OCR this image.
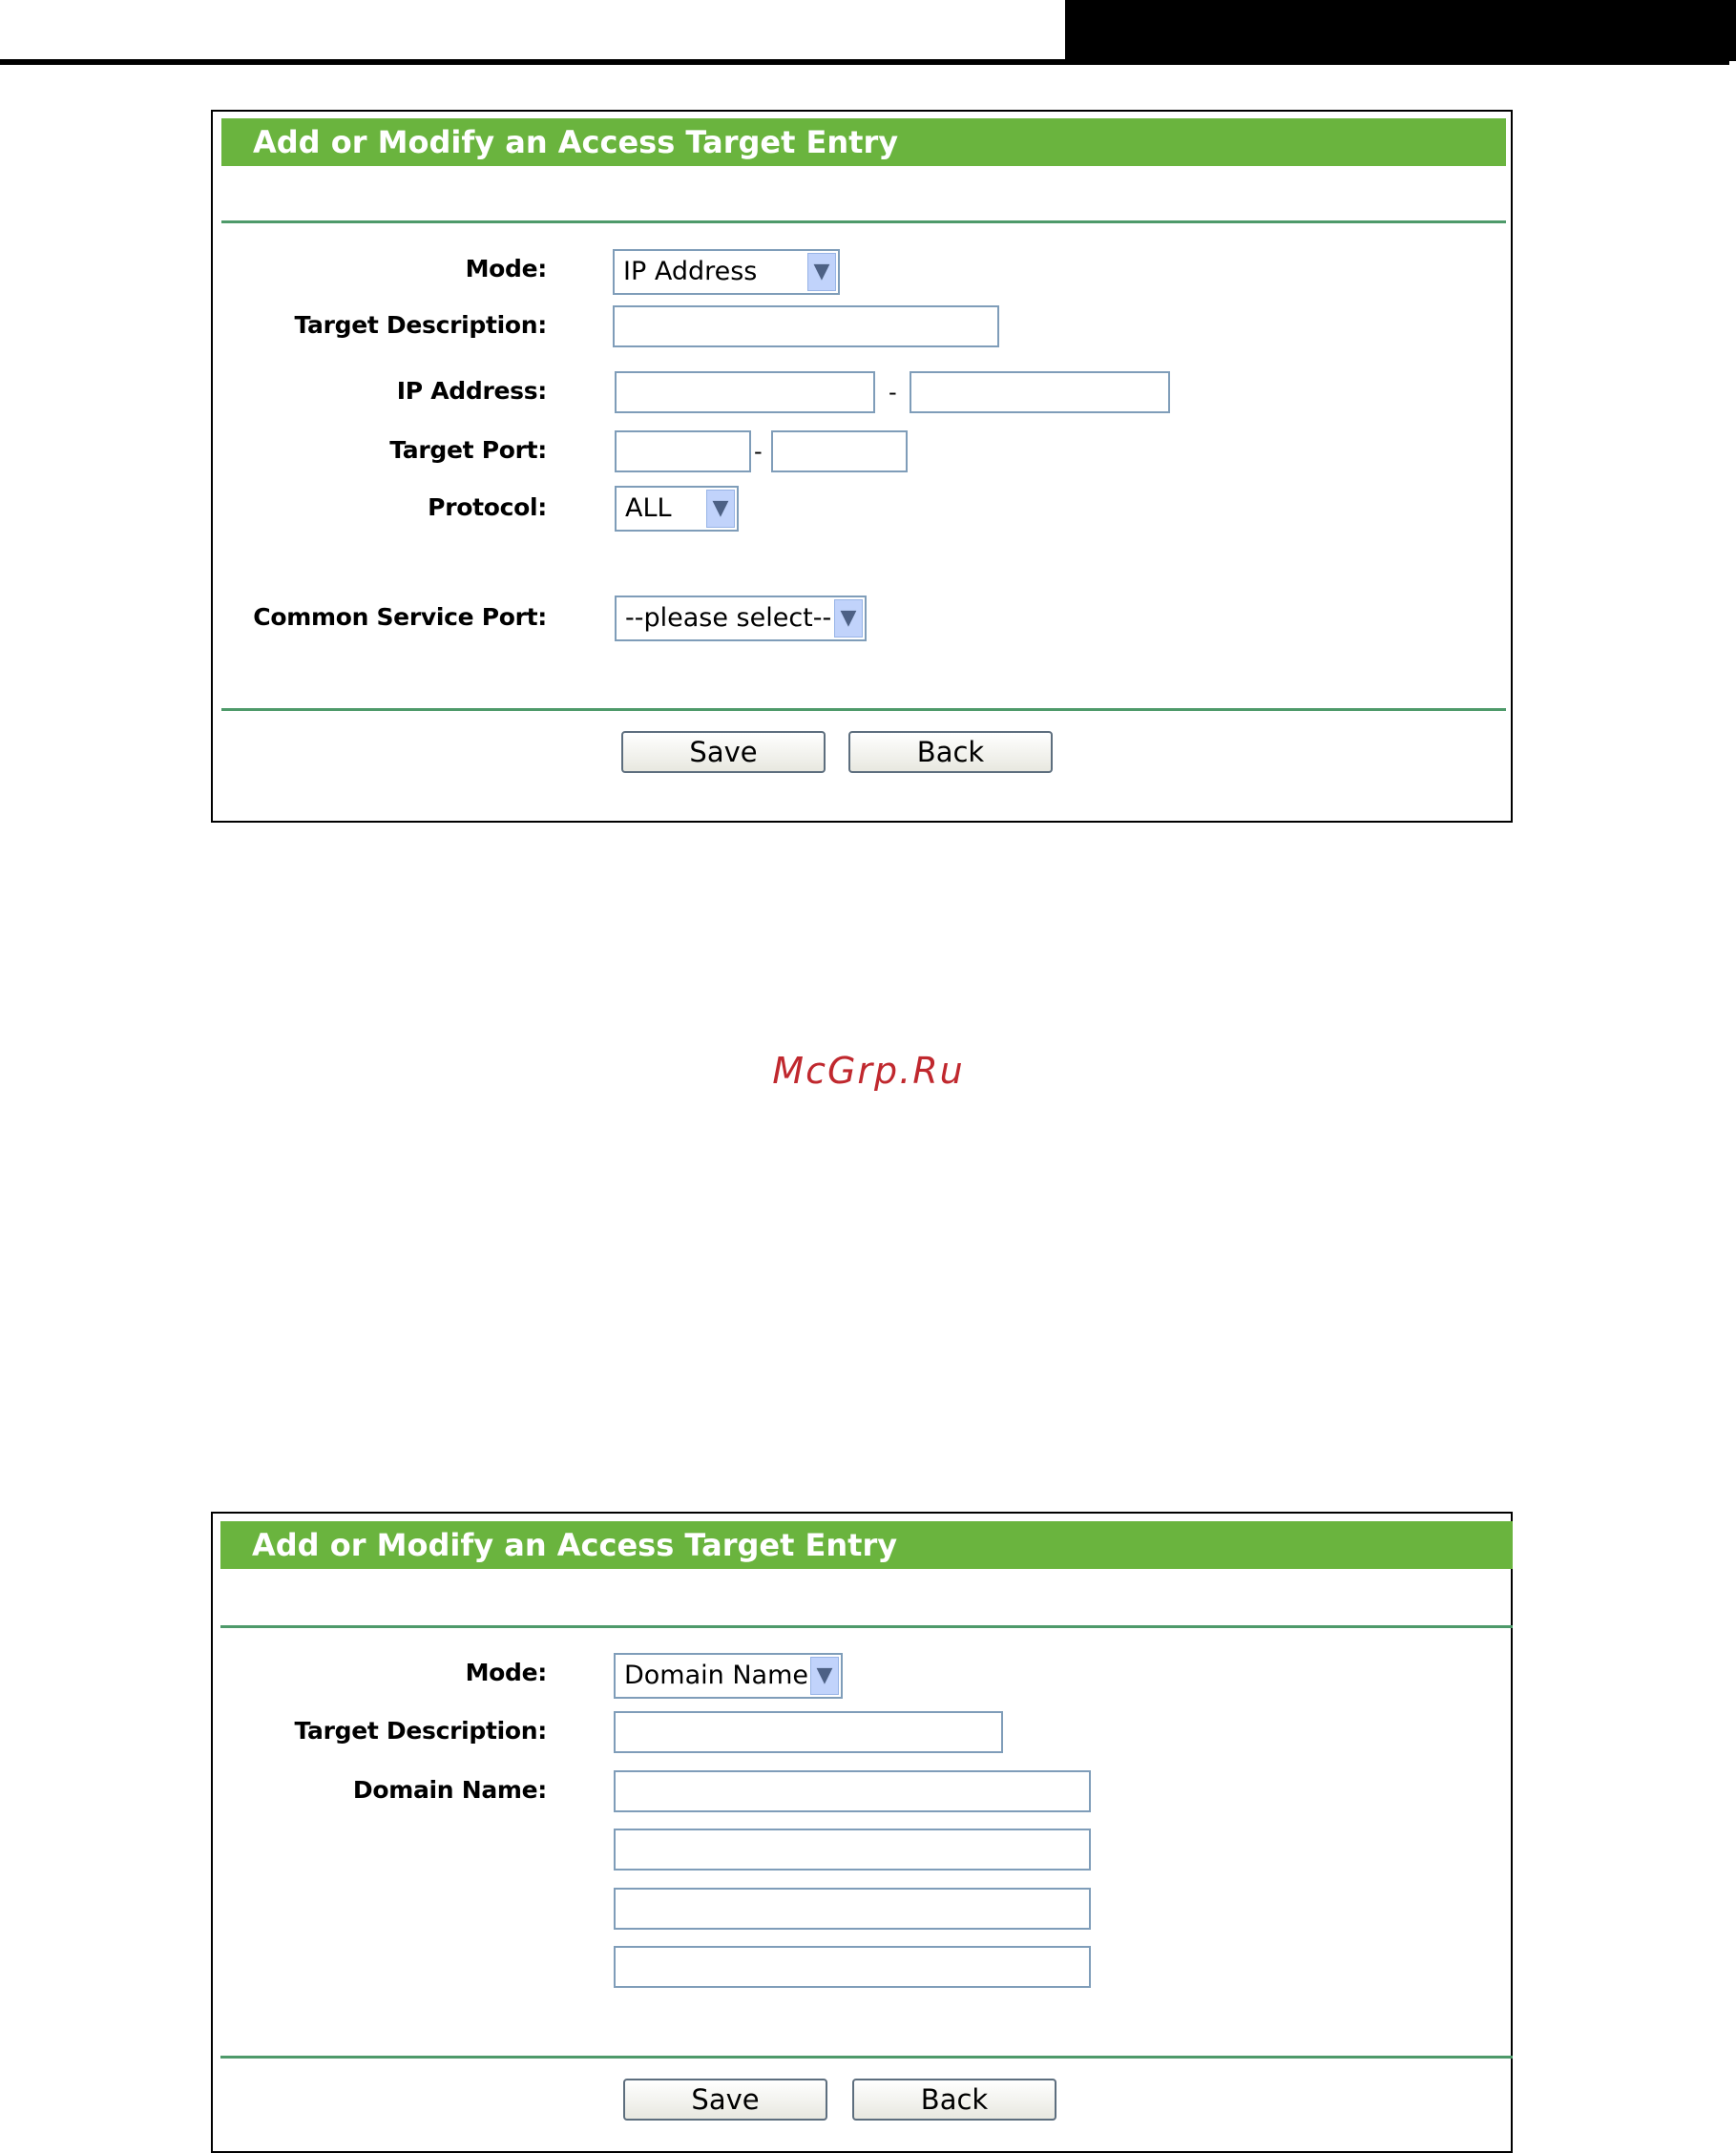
Add or Modify an Access Target Entry
Mode:	IP Address	▼
Target Description:
IP Address:	-
Target Port:	-
Protocol:	ALL ▼
Common Service Port:	--please select-- ▼
Save	Back
McGrp.Ru
Add or Modify an Access Target Entry
Mode:	Domain Name ▼
Target Description:
Domain Name:
Save	Back
